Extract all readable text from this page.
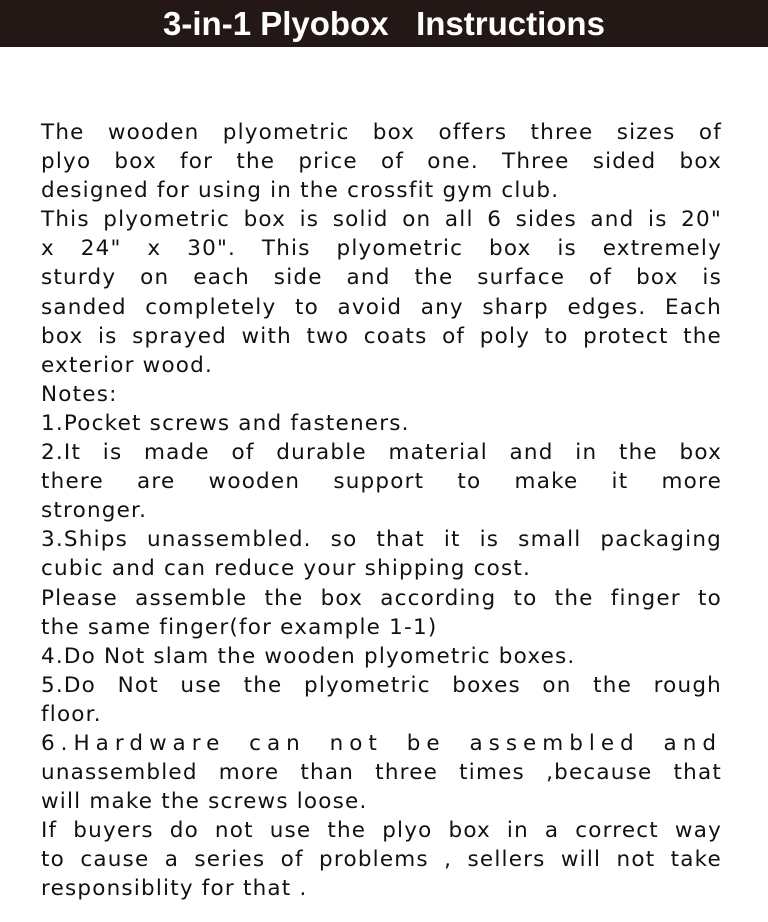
3-in-1 Plyobox   Instructions
The wooden plyometric box offers three sizes of
plyo box for the price of one. Three sided box
designed for using in the crossfit gym club.
This plyometric box is solid on all 6 sides and is 20"
x 24" x 30". This plyometric box is extremely
sturdy on each side and the surface of box is
sanded completely to avoid any sharp edges. Each
box is sprayed with two coats of poly to protect the
exterior wood.
Notes:
1.Pocket screws and fasteners.
2.It is made of durable material and in the box
there are wooden support to make it more
stronger.
3.Ships unassembled. so that it is small packaging
cubic and can reduce your shipping cost.
Please assemble the box according to the finger to
the same finger(for example 1-1)
4.Do Not slam the wooden plyometric boxes.
5.Do Not use the plyometric boxes on the rough
floor.
6.Hardware can not be assembled and
unassembled more than three times ,because that
will make the screws loose.
If buyers do not use the plyo box in a correct way
to cause a series of problems , sellers will not take
responsiblity for that .
